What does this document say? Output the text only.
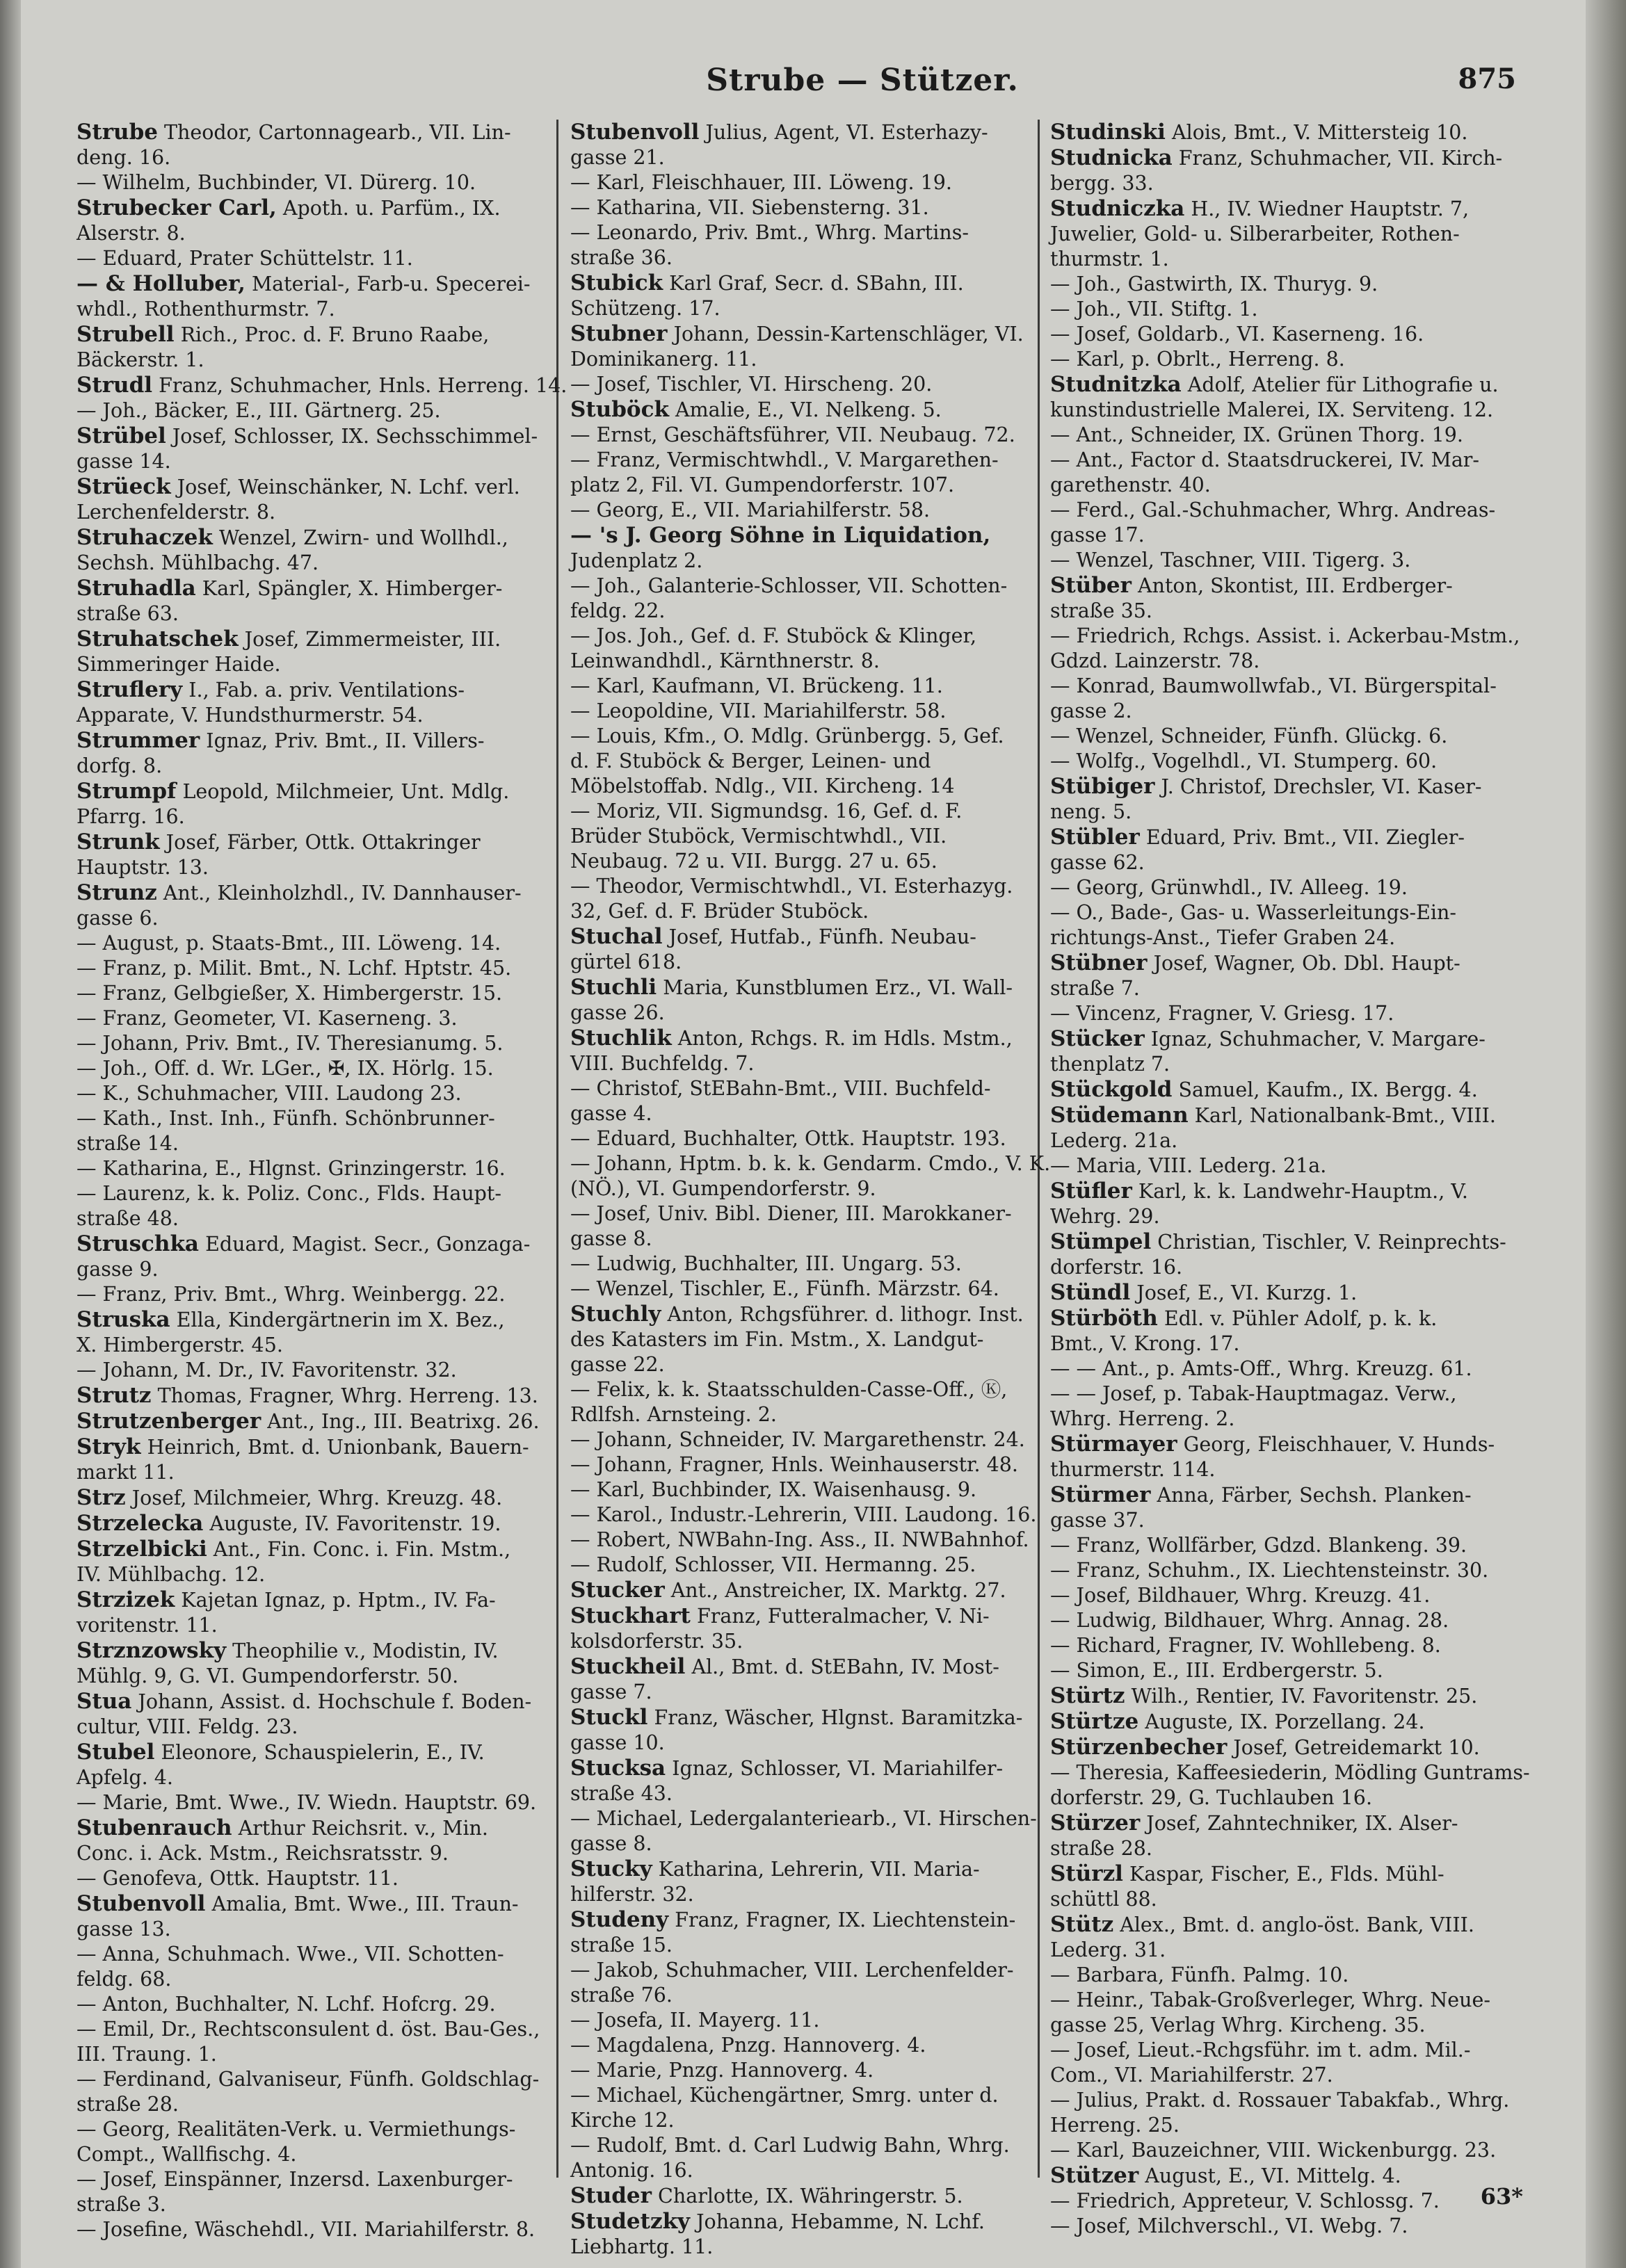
Strube — Stützer.	875
Strube Theodor, Cartonnagearb., VII. Lin-
deng. 16.
— Wilhelm, Buchbinder, VI. Dürerg. 10.
Strubecker Carl, Apoth. u. Parfüm., IX.
Alserstr. 8.
— Eduard, Prater Schüttelstr. 11.
— & Holluber, Material-, Farb-u. Specerei-
whdl., Rothenthurmstr. 7.
Strubell Rich., Proc. d. F. Bruno Raabe,
Bäckerstr. 1.
Strudl Franz, Schuhmacher, Hnls. Herreng. 14.
— Joh., Bäcker, E., III. Gärtnerg. 25.
Strübel Josef, Schlosser, IX. Sechsschimmel-
gasse 14.
Strüeck Josef, Weinschänker, N. Lchf. verl.
Lerchenfelderstr. 8.
Struhaczek Wenzel, Zwirn- und Wollhdl.,
Sechsh. Mühlbachg. 47.
Struhadla Karl, Spängler, X. Himberger-
straße 63.
Struhatschek Josef, Zimmermeister, III.
Simmeringer Haide.
Struflery I., Fab. a. priv. Ventilations-
Apparate, V. Hundsthurmerstr. 54.
Strummer Ignaz, Priv. Bmt., II. Villers-
dorfg. 8.
Strumpf Leopold, Milchmeier, Unt. Mdlg.
Pfarrg. 16.
Strunk Josef, Färber, Ottk. Ottakringer
Hauptstr. 13.
Strunz Ant., Kleinholzhdl., IV. Dannhauser-
gasse 6.
— August, p. Staats-Bmt., III. Löweng. 14.
— Franz, p. Milit. Bmt., N. Lchf. Hptstr. 45.
— Franz, Gelbgießer, X. Himbergerstr. 15.
— Franz, Geometer, VI. Kaserneng. 3.
— Johann, Priv. Bmt., IV. Theresianumg. 5.
— Joh., Off. d. Wr. LGer., ✠, IX. Hörlg. 15.
— K., Schuhmacher, VIII. Laudong 23.
— Kath., Inst. Inh., Fünfh. Schönbrunner-
straße 14.
— Katharina, E., Hlgnst. Grinzingerstr. 16.
— Laurenz, k. k. Poliz. Conc., Flds. Haupt-
straße 48.
Struschka Eduard, Magist. Secr., Gonzaga-
gasse 9.
— Franz, Priv. Bmt., Whrg. Weinbergg. 22.
Struska Ella, Kindergärtnerin im X. Bez.,
X. Himbergerstr. 45.
— Johann, M. Dr., IV. Favoritenstr. 32.
Strutz Thomas, Fragner, Whrg. Herreng. 13.
Strutzenberger Ant., Ing., III. Beatrixg. 26.
Stryk Heinrich, Bmt. d. Unionbank, Bauern-
markt 11.
Strz Josef, Milchmeier, Whrg. Kreuzg. 48.
Strzelecka Auguste, IV. Favoritenstr. 19.
Strzelbicki Ant., Fin. Conc. i. Fin. Mstm.,
IV. Mühlbachg. 12.
Strzizek Kajetan Ignaz, p. Hptm., IV. Fa-
voritenstr. 11.
Strznzowsky Theophilie v., Modistin, IV.
Mühlg. 9, G. VI. Gumpendorferstr. 50.
Stua Johann, Assist. d. Hochschule f. Boden-
cultur, VIII. Feldg. 23.
Stubel Eleonore, Schauspielerin, E., IV.
Apfelg. 4.
— Marie, Bmt. Wwe., IV. Wiedn. Hauptstr. 69.
Stubenrauch Arthur Reichsrit. v., Min.
Conc. i. Ack. Mstm., Reichsratsstr. 9.
— Genofeva, Ottk. Hauptstr. 11.
Stubenvoll Amalia, Bmt. Wwe., III. Traun-
gasse 13.
— Anna, Schuhmach. Wwe., VII. Schotten-
feldg. 68.
— Anton, Buchhalter, N. Lchf. Hofcrg. 29.
— Emil, Dr., Rechtsconsulent d. öst. Bau-Ges.,
III. Traung. 1.
— Ferdinand, Galvaniseur, Fünfh. Goldschlag-
straße 28.
— Georg, Realitäten-Verk. u. Vermiethungs-
Compt., Wallfischg. 4.
— Josef, Einspänner, Inzersd. Laxenburger-
straße 3.
— Josefine, Wäschehdl., VII. Mariahilferstr. 8.
Stubenvoll Julius, Agent, VI. Esterhazy-
gasse 21.
— Karl, Fleischhauer, III. Löweng. 19.
— Katharina, VII. Siebensterng. 31.
— Leonardo, Priv. Bmt., Whrg. Martins-
straße 36.
Stubick Karl Graf, Secr. d. SBahn, III.
Schützeng. 17.
Stubner Johann, Dessin-Kartenschläger, VI.
Dominikanerg. 11.
— Josef, Tischler, VI. Hirscheng. 20.
Stuböck Amalie, E., VI. Nelkeng. 5.
— Ernst, Geschäftsführer, VII. Neubaug. 72.
— Franz, Vermischtwhdl., V. Margarethen-
platz 2, Fil. VI. Gumpendorferstr. 107.
— Georg, E., VII. Mariahilferstr. 58.
— 's J. Georg Söhne in Liquidation,
Judenplatz 2.
— Joh., Galanterie-Schlosser, VII. Schotten-
feldg. 22.
— Jos. Joh., Gef. d. F. Stuböck & Klinger,
Leinwandhdl., Kärnthnerstr. 8.
— Karl, Kaufmann, VI. Brückeng. 11.
— Leopoldine, VII. Mariahilferstr. 58.
— Louis, Kfm., O. Mdlg. Grünbergg. 5, Gef.
d. F. Stuböck & Berger, Leinen- und
Möbelstoffab. Ndlg., VII. Kircheng. 14
— Moriz, VII. Sigmundsg. 16, Gef. d. F.
Brüder Stuböck, Vermischtwhdl., VII.
Neubaug. 72 u. VII. Burgg. 27 u. 65.
— Theodor, Vermischtwhdl., VI. Esterhazyg.
32, Gef. d. F. Brüder Stuböck.
Stuchal Josef, Hutfab., Fünfh. Neubau-
gürtel 618.
Stuchli Maria, Kunstblumen Erz., VI. Wall-
gasse 26.
Stuchlik Anton, Rchgs. R. im Hdls. Mstm.,
VIII. Buchfeldg. 7.
— Christof, StEBahn-Bmt., VIII. Buchfeld-
gasse 4.
— Eduard, Buchhalter, Ottk. Hauptstr. 193.
— Johann, Hptm. b. k. k. Gendarm. Cmdo., V. K.
(NÖ.), VI. Gumpendorferstr. 9.
— Josef, Univ. Bibl. Diener, III. Marokkaner-
gasse 8.
— Ludwig, Buchhalter, III. Ungarg. 53.
— Wenzel, Tischler, E., Fünfh. Märzstr. 64.
Stuchly Anton, Rchgsführer. d. lithogr. Inst.
des Katasters im Fin. Mstm., X. Landgut-
gasse 22.
— Felix, k. k. Staatsschulden-Casse-Off., Ⓚ,
Rdlfsh. Arnsteing. 2.
— Johann, Schneider, IV. Margarethenstr. 24.
— Johann, Fragner, Hnls. Weinhauserstr. 48.
— Karl, Buchbinder, IX. Waisenhausg. 9.
— Karol., Industr.-Lehrerin, VIII. Laudong. 16.
— Robert, NWBahn-Ing. Ass., II. NWBahnhof.
— Rudolf, Schlosser, VII. Hermanng. 25.
Stucker Ant., Anstreicher, IX. Marktg. 27.
Stuckhart Franz, Futteralmacher, V. Ni-
kolsdorferstr. 35.
Stuckheil Al., Bmt. d. StEBahn, IV. Most-
gasse 7.
Stuckl Franz, Wäscher, Hlgnst. Baramitzka-
gasse 10.
Stucksa Ignaz, Schlosser, VI. Mariahilfer-
straße 43.
— Michael, Ledergalanteriearb., VI. Hirschen-
gasse 8.
Stucky Katharina, Lehrerin, VII. Maria-
hilferstr. 32.
Studeny Franz, Fragner, IX. Liechtenstein-
straße 15.
— Jakob, Schuhmacher, VIII. Lerchenfelder-
straße 76.
— Josefa, II. Mayerg. 11.
— Magdalena, Pnzg. Hannoverg. 4.
— Marie, Pnzg. Hannoverg. 4.
— Michael, Küchengärtner, Smrg. unter d.
Kirche 12.
— Rudolf, Bmt. d. Carl Ludwig Bahn, Whrg.
Antonig. 16.
Studer Charlotte, IX. Währingerstr. 5.
Studetzky Johanna, Hebamme, N. Lchf.
Liebhartg. 11.
Studinski Alois, Bmt., V. Mittersteig 10.
Studnicka Franz, Schuhmacher, VII. Kirch-
bergg. 33.
Studniczka H., IV. Wiedner Hauptstr. 7,
Juwelier, Gold- u. Silberarbeiter, Rothen-
thurmstr. 1.
— Joh., Gastwirth, IX. Thuryg. 9.
— Joh., VII. Stiftg. 1.
— Josef, Goldarb., VI. Kaserneng. 16.
— Karl, p. Obrlt., Herreng. 8.
Studnitzka Adolf, Atelier für Lithografie u.
kunstindustrielle Malerei, IX. Serviteng. 12.
— Ant., Schneider, IX. Grünen Thorg. 19.
— Ant., Factor d. Staatsdruckerei, IV. Mar-
garethenstr. 40.
— Ferd., Gal.-Schuhmacher, Whrg. Andreas-
gasse 17.
— Wenzel, Taschner, VIII. Tigerg. 3.
Stüber Anton, Skontist, III. Erdberger-
straße 35.
— Friedrich, Rchgs. Assist. i. Ackerbau-Mstm.,
Gdzd. Lainzerstr. 78.
— Konrad, Baumwollwfab., VI. Bürgerspital-
gasse 2.
— Wenzel, Schneider, Fünfh. Glückg. 6.
— Wolfg., Vogelhdl., VI. Stumperg. 60.
Stübiger J. Christof, Drechsler, VI. Kaser-
neng. 5.
Stübler Eduard, Priv. Bmt., VII. Ziegler-
gasse 62.
— Georg, Grünwhdl., IV. Alleeg. 19.
— O., Bade-, Gas- u. Wasserleitungs-Ein-
richtungs-Anst., Tiefer Graben 24.
Stübner Josef, Wagner, Ob. Dbl. Haupt-
straße 7.
— Vincenz, Fragner, V. Griesg. 17.
Stücker Ignaz, Schuhmacher, V. Margare-
thenplatz 7.
Stückgold Samuel, Kaufm., IX. Bergg. 4.
Stüdemann Karl, Nationalbank-Bmt., VIII.
Lederg. 21a.
— Maria, VIII. Lederg. 21a.
Stüfler Karl, k. k. Landwehr-Hauptm., V.
Wehrg. 29.
Stümpel Christian, Tischler, V. Reinprechts-
dorferstr. 16.
Stündl Josef, E., VI. Kurzg. 1.
Stürböth Edl. v. Pühler Adolf, p. k. k.
Bmt., V. Krong. 17.
— — Ant., p. Amts-Off., Whrg. Kreuzg. 61.
— — Josef, p. Tabak-Hauptmagaz. Verw.,
Whrg. Herreng. 2.
Stürmayer Georg, Fleischhauer, V. Hunds-
thurmerstr. 114.
Stürmer Anna, Färber, Sechsh. Planken-
gasse 37.
— Franz, Wollfärber, Gdzd. Blankeng. 39.
— Franz, Schuhm., IX. Liechtensteinstr. 30.
— Josef, Bildhauer, Whrg. Kreuzg. 41.
— Ludwig, Bildhauer, Whrg. Annag. 28.
— Richard, Fragner, IV. Wohllebeng. 8.
— Simon, E., III. Erdbergerstr. 5.
Stürtz Wilh., Rentier, IV. Favoritenstr. 25.
Stürtze Auguste, IX. Porzellang. 24.
Stürzenbecher Josef, Getreidemarkt 10.
— Theresia, Kaffeesiederin, Mödling Guntrams-
dorferstr. 29, G. Tuchlauben 16.
Stürzer Josef, Zahntechniker, IX. Alser-
straße 28.
Stürzl Kaspar, Fischer, E., Flds. Mühl-
schüttl 88.
Stütz Alex., Bmt. d. anglo-öst. Bank, VIII.
Lederg. 31.
— Barbara, Fünfh. Palmg. 10.
— Heinr., Tabak-Großverleger, Whrg. Neue-
gasse 25, Verlag Whrg. Kircheng. 35.
— Josef, Lieut.-Rchgsführ. im t. adm. Mil.-
Com., VI. Mariahilferstr. 27.
— Julius, Prakt. d. Rossauer Tabakfab., Whrg.
Herreng. 25.
— Karl, Bauzeichner, VIII. Wickenburgg. 23.
Stützer August, E., VI. Mittelg. 4.
— Friedrich, Appreteur, V. Schlossg. 7.
— Josef, Milchverschl., VI. Webg. 7.
63*
